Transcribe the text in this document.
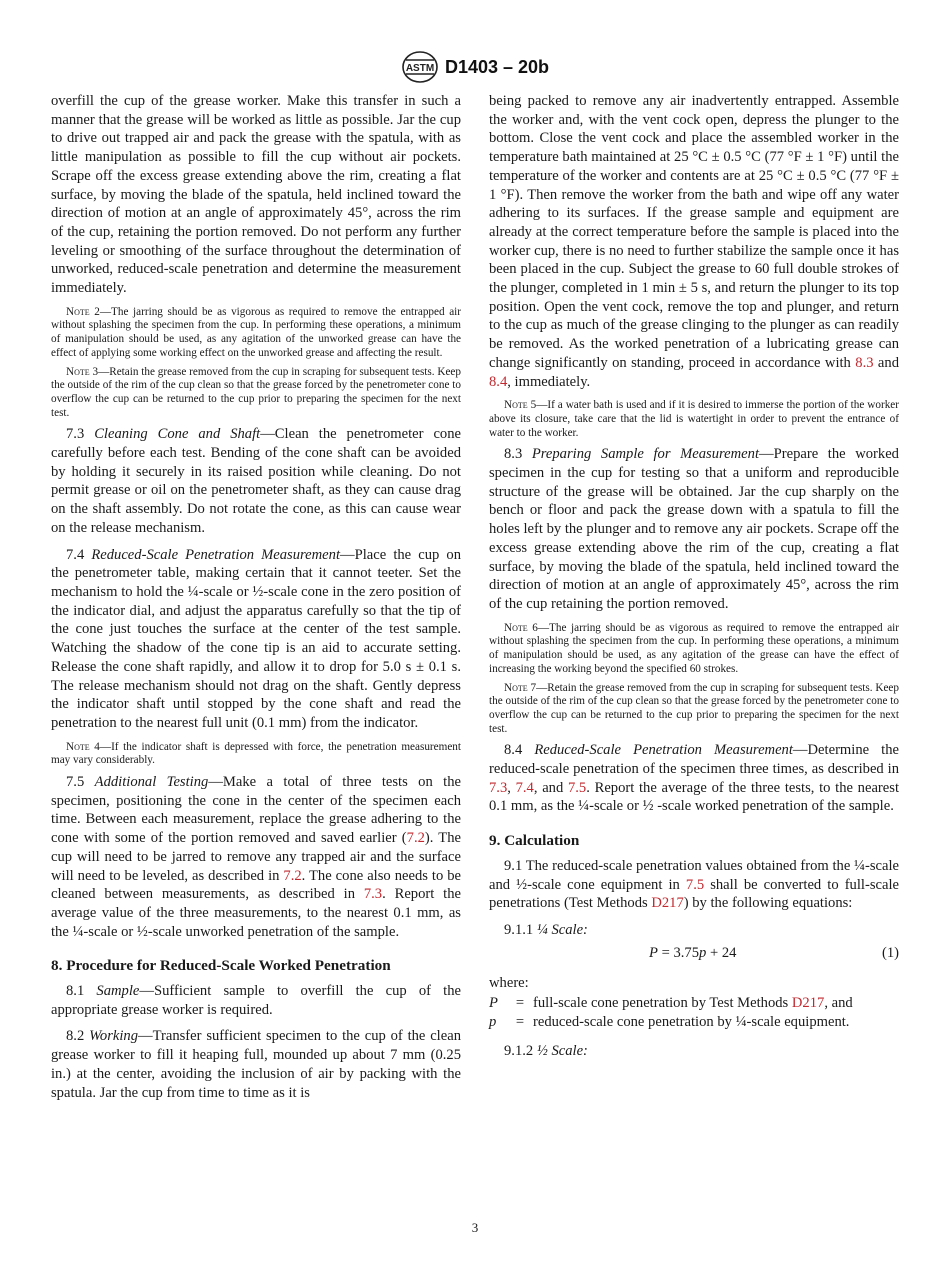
ASTM D1403 – 20b

overfill the cup of the grease worker. Make this transfer in such a manner that the grease will be worked as little as possible. Jar the cup to drive out trapped air and pack the grease with the spatula, with as little manipulation as possible to fill the cup without air pockets. Scrape off the excess grease extending above the rim, creating a flat surface, by moving the blade of the spatula, held inclined toward the direction of motion at an angle of approximately 45°, across the rim of the cup, retaining the portion removed. Do not perform any further leveling or smoothing of the surface throughout the determination of unworked, reduced-scale penetration and determine the measurement immediately.

Note 2—The jarring should be as vigorous as required to remove the entrapped air without splashing the specimen from the cup. In performing these operations, a minimum of manipulation should be used, as any agitation of the unworked grease can have the effect of applying some working effect on the unworked grease and affecting the result.

Note 3—Retain the grease removed from the cup in scraping for subsequent tests. Keep the outside of the rim of the cup clean so that the grease forced by the penetrometer cone to overflow the cup can be returned to the cup prior to preparing the specimen for the next test.

7.3 Cleaning Cone and Shaft—Clean the penetrometer cone carefully before each test. Bending of the cone shaft can be avoided by holding it securely in its raised position while cleaning. Do not permit grease or oil on the penetrometer shaft, as they can cause drag on the shaft assembly. Do not rotate the cone, as this can cause wear on the release mechanism.

7.4 Reduced-Scale Penetration Measurement—Place the cup on the penetrometer table, making certain that it cannot teeter. Set the mechanism to hold the ¼-scale or ½-scale cone in the zero position of the indicator dial, and adjust the apparatus carefully so that the tip of the cone just touches the surface at the center of the test sample. Watching the shadow of the cone tip is an aid to accurate setting. Release the cone shaft rapidly, and allow it to drop for 5.0 s ± 0.1 s. The release mechanism should not drag on the shaft. Gently depress the indicator shaft until stopped by the cone shaft and read the penetration to the nearest full unit (0.1 mm) from the indicator.

Note 4—If the indicator shaft is depressed with force, the penetration measurement may vary considerably.

7.5 Additional Testing—Make a total of three tests on the specimen, positioning the cone in the center of the specimen each time. Between each measurement, replace the grease adhering to the cone with some of the portion removed and saved earlier (7.2). The cup will need to be jarred to remove any trapped air and the surface will need to be leveled, as described in 7.2. The cone also needs to be cleaned between measurements, as described in 7.3. Report the average value of the three measurements, to the nearest 0.1 mm, as the ¼-scale or ½-scale unworked penetration of the sample.

8. Procedure for Reduced-Scale Worked Penetration

8.1 Sample—Sufficient sample to overfill the cup of the appropriate grease worker is required.

8.2 Working—Transfer sufficient specimen to the cup of the clean grease worker to fill it heaping full, mounded up about 7 mm (0.25 in.) at the center, avoiding the inclusion of air by packing with the spatula. Jar the cup from time to time as it is

being packed to remove any air inadvertently entrapped. Assemble the worker and, with the vent cock open, depress the plunger to the bottom. Close the vent cock and place the assembled worker in the temperature bath maintained at 25 °C ± 0.5 °C (77 °F ± 1 °F) until the temperature of the worker and contents are at 25 °C ± 0.5 °C (77 °F ± 1 °F). Then remove the worker from the bath and wipe off any water adhering to its surfaces. If the grease sample and equipment are already at the correct temperature before the sample is placed into the worker cup, there is no need to further stabilize the sample once it has been placed in the cup. Subject the grease to 60 full double strokes of the plunger, completed in 1 min ± 5 s, and return the plunger to its top position. Open the vent cock, remove the top and plunger, and return to the cup as much of the grease clinging to the plunger as can readily be removed. As the worked penetration of a lubricating grease can change significantly on standing, proceed in accordance with 8.3 and 8.4, immediately.

Note 5—If a water bath is used and if it is desired to immerse the portion of the worker above its closure, take care that the lid is watertight in order to prevent the entrance of water to the worker.

8.3 Preparing Sample for Measurement—Prepare the worked specimen in the cup for testing so that a uniform and reproducible structure of the grease will be obtained. Jar the cup sharply on the bench or floor and pack the grease down with a spatula to fill the holes left by the plunger and to remove any air pockets. Scrape off the excess grease extending above the rim of the cup, creating a flat surface, by moving the blade of the spatula, held inclined toward the direction of motion at an angle of approximately 45°, across the rim of the cup retaining the portion removed.

Note 6—The jarring should be as vigorous as required to remove the entrapped air without splashing the specimen from the cup. In performing these operations, a minimum of manipulation should be used, as any agitation of the grease can have the effect of increasing the working beyond the specified 60 strokes.

Note 7—Retain the grease removed from the cup in scraping for subsequent tests. Keep the outside of the rim of the cup clean so that the grease forced by the penetrometer cone to overflow the cup can be returned to the cup prior to preparing the specimen for the next test.

8.4 Reduced-Scale Penetration Measurement—Determine the reduced-scale penetration of the specimen three times, as described in 7.3, 7.4, and 7.5. Report the average of the three tests, to the nearest 0.1 mm, as the ¼-scale or ½ -scale worked penetration of the sample.

9. Calculation

9.1 The reduced-scale penetration values obtained from the ¼-scale and ½-scale cone equipment in 7.5 shall be converted to full-scale penetrations (Test Methods D217) by the following equations:

9.1.1 ¼ Scale:

P = 3.75p + 24	(1)

where:

P	= full-scale cone penetration by Test Methods D217, and
p	= reduced-scale cone penetration by ¼-scale equipment.

9.1.2 ½ Scale:

3
